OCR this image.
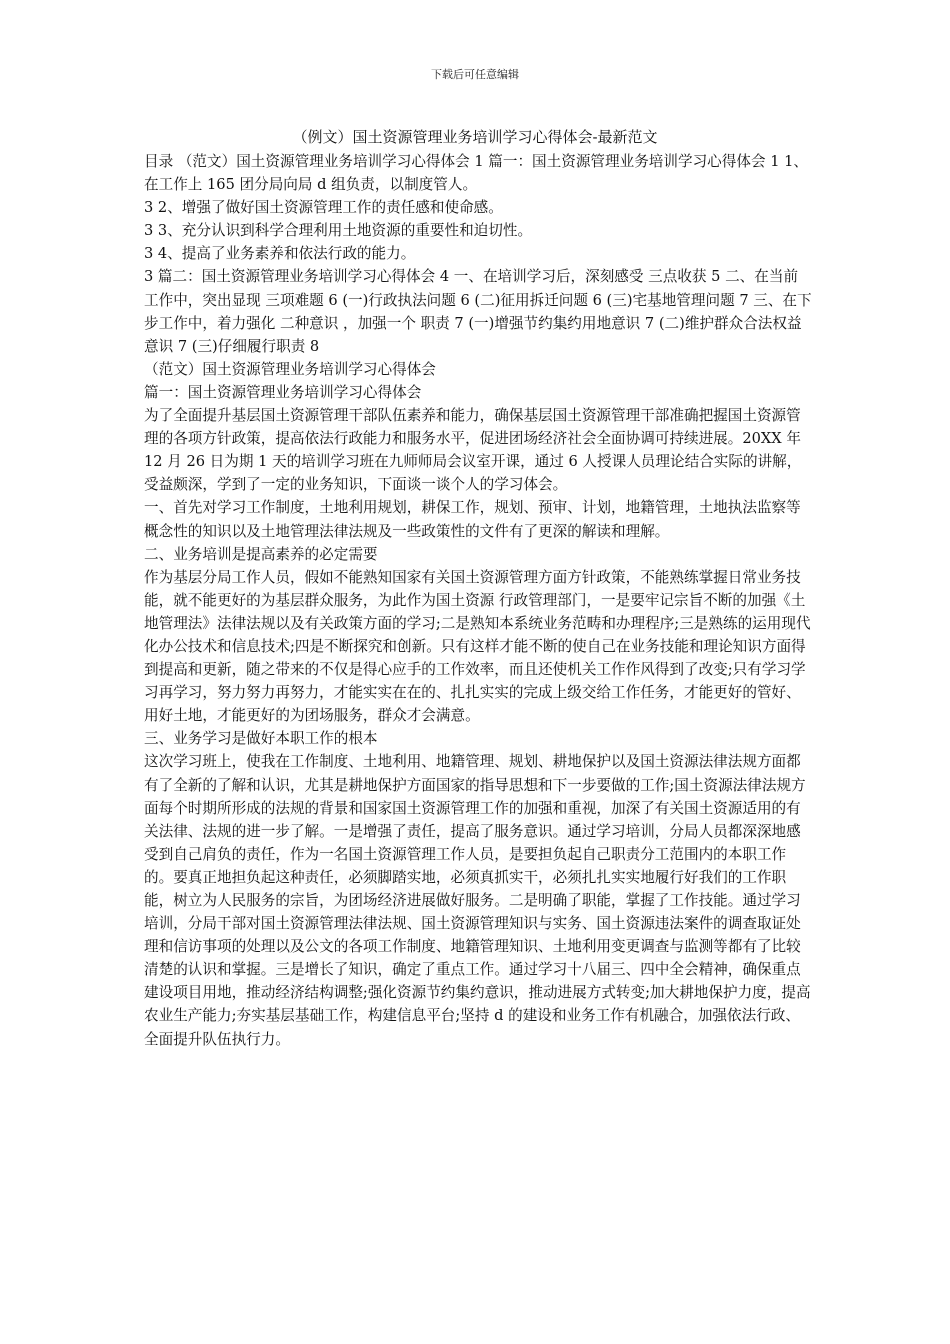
下载后可任意编辑
（例文）国土资源管理业务培训学习心得体会-最新范文

目录 （范文）国土资源管理业务培训学习心得体会 1 篇一：国土资源管理业务培训学习心得体会 1 1、在工作上 165 团分局向局 d 组负责，以制度管人。

3 2、增强了做好国土资源管理工作的责任感和使命感。

3 3、充分认识到科学合理利用土地资源的重要性和迫切性。

3 4、提高了业务素养和依法行政的能力。

3 篇二：国土资源管理业务培训学习心得体会 4 一、在培训学习后，深刻感受 三点收获 5 二、在当前工作中，突出显现 三项难题 6 (一)行政执法问题 6 (二)征用拆迁问题 6 (三)宅基地管理问题 7 三、在下步工作中，着力强化 二种意识 ，加强一个 职责 7 (一)增强节约集约用地意识 7 (二)维护群众合法权益意识 7 (三)仔细履行职责 8

（范文）国土资源管理业务培训学习心得体会

篇一：国土资源管理业务培训学习心得体会

为了全面提升基层国土资源管理干部队伍素养和能力，确保基层国土资源管理干部准确把握国土资源管理的各项方针政策，提高依法行政能力和服务水平，促进团场经济社会全面协调可持续进展。20XX 年 12 月 26 日为期 1 天的培训学习班在九师师局会议室开课，通过 6 人授课人员理论结合实际的讲解，受益颇深，学到了一定的业务知识，下面谈一谈个人的学习体会。

一、首先对学习工作制度，土地利用规划，耕保工作，规划、预审、计划，地籍管理，土地执法监察等概念性的知识以及土地管理法律法规及一些政策性的文件有了更深的解读和理解。

二、业务培训是提高素养的必定需要

作为基层分局工作人员，假如不能熟知国家有关国土资源管理方面方针政策，不能熟练掌握日常业务技能，就不能更好的为基层群众服务，为此作为国土资源 行政管理部门，一是要牢记宗旨不断的加强《土地管理法》法律法规以及有关政策方面的学习;二是熟知本系统业务范畴和办理程序;三是熟练的运用现代化办公技术和信息技术;四是不断探究和创新。只有这样才能不断的使自己在业务技能和理论知识方面得到提高和更新，随之带来的不仅是得心应手的工作效率，而且还使机关工作作风得到了改变;只有学习学习再学习，努力努力再努力，才能实实在在的、扎扎实实的完成上级交给工作任务，才能更好的管好、用好土地，才能更好的为团场服务，群众才会满意。

三、业务学习是做好本职工作的根本

这次学习班上，使我在工作制度、土地利用、地籍管理、规划、耕地保护以及国土资源法律法规方面都有了全新的了解和认识，尤其是耕地保护方面国家的指导思想和下一步要做的工作;国土资源法律法规方面每个时期所形成的法规的背景和国家国土资源管理工作的加强和重视，加深了有关国土资源适用的有关法律、法规的进一步了解。一是增强了责任，提高了服务意识。通过学习培训，分局人员都深深地感受到自己肩负的责任，作为一名国土资源管理工作人员，是要担负起自己职责分工范围内的本职工作的。要真正地担负起这种责任，必须脚踏实地，必须真抓实干，必须扎扎实实地履行好我们的工作职能，树立为人民服务的宗旨，为团场经济进展做好服务。二是明确了职能，掌握了工作技能。通过学习培训，分局干部对国土资源管理法律法规、国土资源管理知识与实务、国土资源违法案件的调查取证处理和信访事项的处理以及公文的各项工作制度、地籍管理知识、土地利用变更调查与监测等都有了比较清楚的认识和掌握。三是增长了知识，确定了重点工作。通过学习十八届三、四中全会精神，确保重点建设项目用地，推动经济结构调整;强化资源节约集约意识，推动进展方式转变;加大耕地保护力度，提高农业生产能力;夯实基层基础工作，构建信息平台;坚持 d 的建设和业务工作有机融合，加强依法行政、全面提升队伍执行力。
